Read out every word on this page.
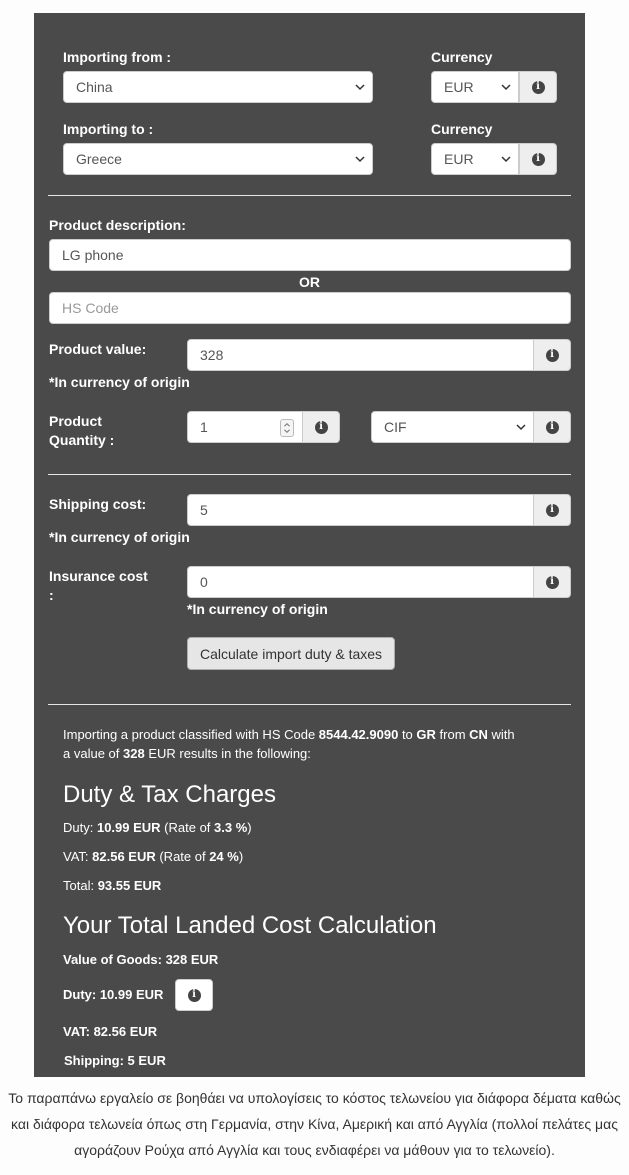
Importing from :	Currency
China	EUR	i
Importing to :	Currency
Greece	EUR	i
Product description:
LG phone
OR
HS Code
Product value:	328	i
*In currency of origin
Product
Quantity :
1	i	CIF	i
Shipping cost:	5	i
*In currency of origin
Insurance cost
:
0	i
*In currency of origin
Calculate import duty & taxes
Importing a product classified with HS Code 8544.42.9090 to GR from CN with
a value of 328 EUR results in the following:
Duty & Tax Charges
Duty: 10.99 EUR (Rate of 3.3 %)
VAT: 82.56 EUR (Rate of 24 %)
Total: 93.55 EUR
Your Total Landed Cost Calculation
Value of Goods: 328 EUR
Duty: 10.99 EUR	i
VAT: 82.56 EUR
Shipping: 5 EUR
Το παραπάνω εργαλείο σε βοηθάει να υπολογίσεις το κόστος τελωνείου για διάφορα δέματα καθώς και διάφορα τελωνεία όπως στη Γερμανία, στην Κίνα, Αμερική και από Αγγλία (πολλοί πελάτες μας αγοράζουν Ρούχα από Αγγλία και τους ενδιαφέρει να μάθουν για το τελωνείο).
